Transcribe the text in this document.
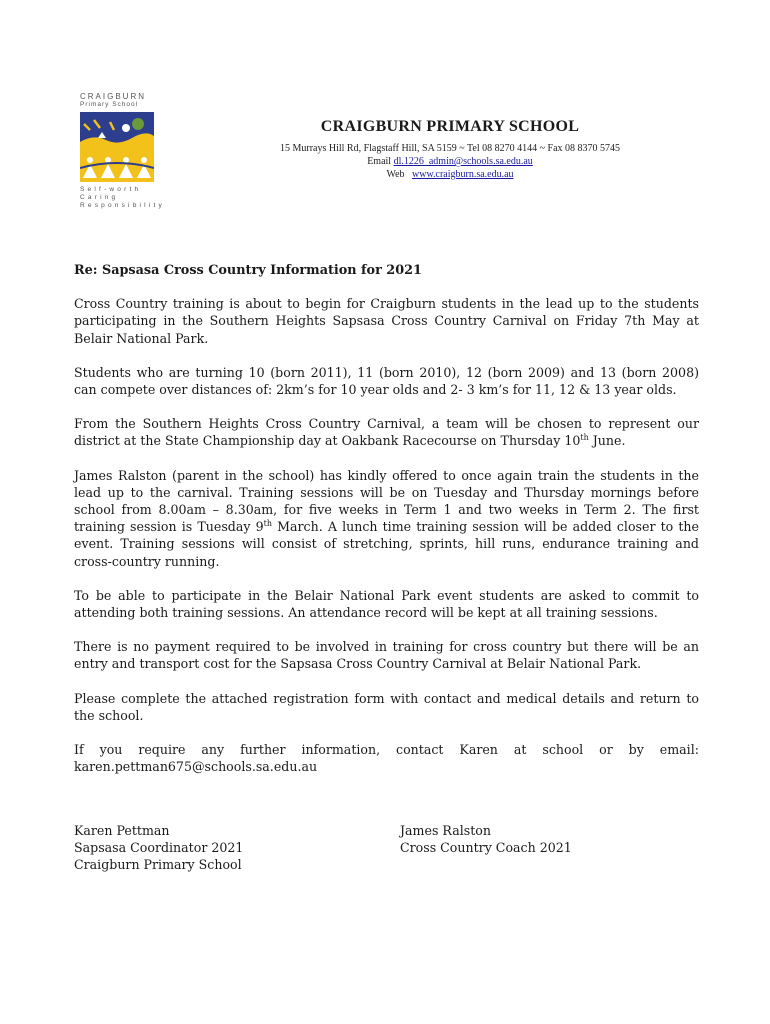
CRAIGBURN
Primary School
Self-worth
Caring
Responsibility
CRAIGBURN PRIMARY SCHOOL
15 Murrays Hill Rd, Flagstaff Hill, SA 5159 ~ Tel 08 8270 4144 ~ Fax 08 8370 5745
Email dl.1226_admin@schools.sa.edu.au
Web www.craigburn.sa.edu.au
Re: Sapsasa Cross Country Information for 2021

Cross Country training is about to begin for Craigburn students in the lead up to the students participating in the Southern Heights Sapsasa Cross Country Carnival on Friday 7th May at Belair National Park.

Students who are turning 10 (born 2011), 11 (born 2010), 12 (born 2009) and 13 (born 2008) can compete over distances of: 2km’s for 10 year olds and 2- 3 km’s for 11, 12 & 13 year olds.

From the Southern Heights Cross Country Carnival, a team will be chosen to represent our district at the State Championship day at Oakbank Racecourse on Thursday 10th June.

James Ralston (parent in the school) has kindly offered to once again train the students in the lead up to the carnival. Training sessions will be on Tuesday and Thursday mornings before school from 8.00am – 8.30am, for five weeks in Term 1 and two weeks in Term 2. The first training session is Tuesday 9th March. A lunch time training session will be added closer to the event. Training sessions will consist of stretching, sprints, hill runs, endurance training and cross-country running.

To be able to participate in the Belair National Park event students are asked to commit to attending both training sessions. An attendance record will be kept at all training sessions.

There is no payment required to be involved in training for cross country but there will be an entry and transport cost for the Sapsasa Cross Country Carnival at Belair National Park.

Please complete the attached registration form with contact and medical details and return to the school.

If you require any further information, contact Karen at school or by email: karen.pettman675@schools.sa.edu.au

Karen Pettman
Sapsasa Coordinator 2021
Craigburn Primary School
James Ralston
Cross Country Coach 2021
